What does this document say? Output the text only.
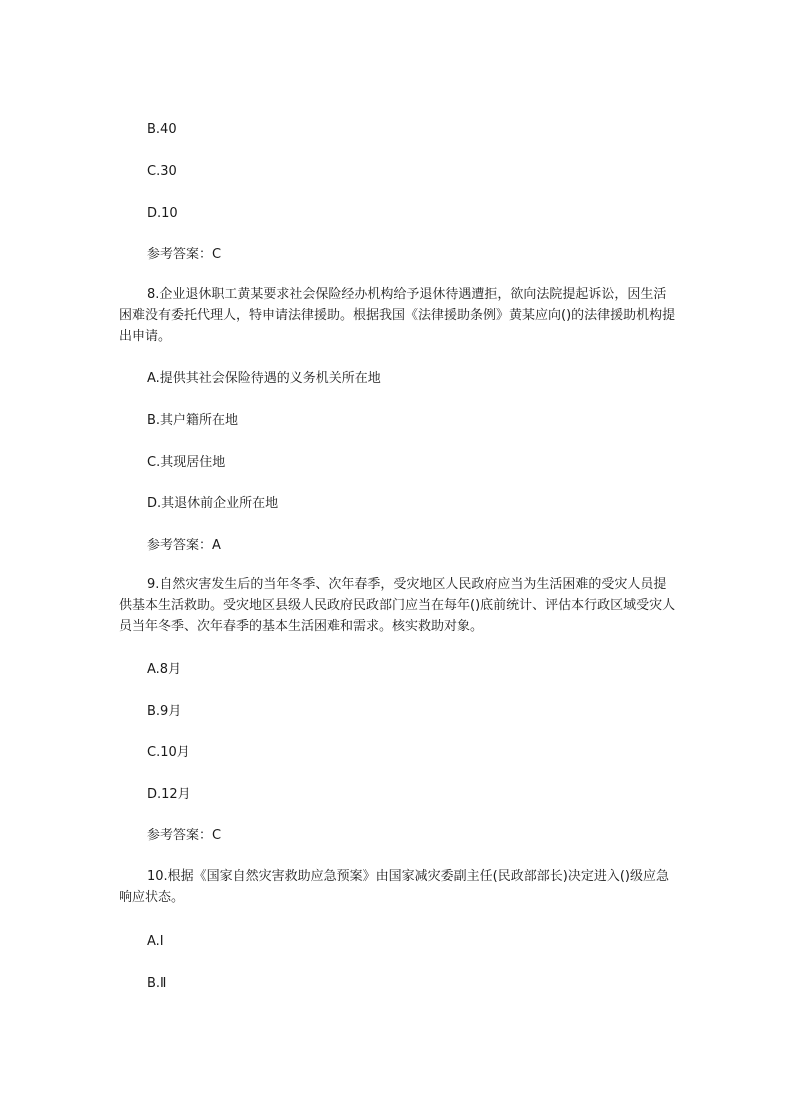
B.40
C.30
D.10
参考答案：C
8.企业退休职工黄某要求社会保险经办机构给予退休待遇遭拒，欲向法院提起诉讼，因生活困难没有委托代理人，特申请法律援助。根据我国《法律援助条例》黄某应向()的法律援助机构提出申请。
A.提供其社会保险待遇的义务机关所在地
B.其户籍所在地
C.其现居住地
D.其退休前企业所在地
参考答案：A
9.自然灾害发生后的当年冬季、次年春季，受灾地区人民政府应当为生活困难的受灾人员提供基本生活救助。受灾地区县级人民政府民政部门应当在每年()底前统计、评估本行政区域受灾人员当年冬季、次年春季的基本生活困难和需求。核实救助对象。
A.8月
B.9月
C.10月
D.12月
参考答案：C
10.根据《国家自然灾害救助应急预案》由国家减灾委副主任(民政部部长)决定进入()级应急响应状态。
A.Ⅰ
B.Ⅱ
